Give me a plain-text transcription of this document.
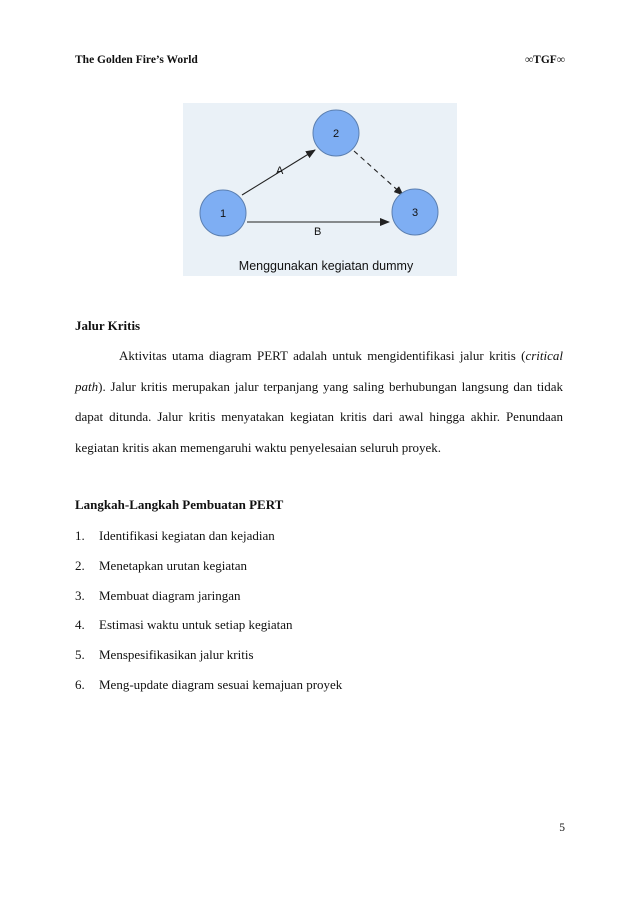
The Golden Fire’s World	∞TGF∞
A
B
1
2
3
Menggunakan kegiatan dummy
Jalur Kritis
Aktivitas utama diagram PERT adalah untuk mengidentifikasi jalur kritis (critical
path). Jalur kritis merupakan jalur terpanjang yang saling berhubungan langsung dan tidak
dapat ditunda. Jalur kritis menyatakan kegiatan kritis dari awal hingga akhir. Penundaan
kegiatan kritis akan memengaruhi waktu penyelesaian seluruh proyek.
Langkah-Langkah Pembuatan PERT
1. Identifikasi kegiatan dan kejadian
2. Menetapkan urutan kegiatan
3. Membuat diagram jaringan
4. Estimasi waktu untuk setiap kegiatan
5. Menspesifikasikan jalur kritis
6. Meng-update diagram sesuai kemajuan proyek
5
